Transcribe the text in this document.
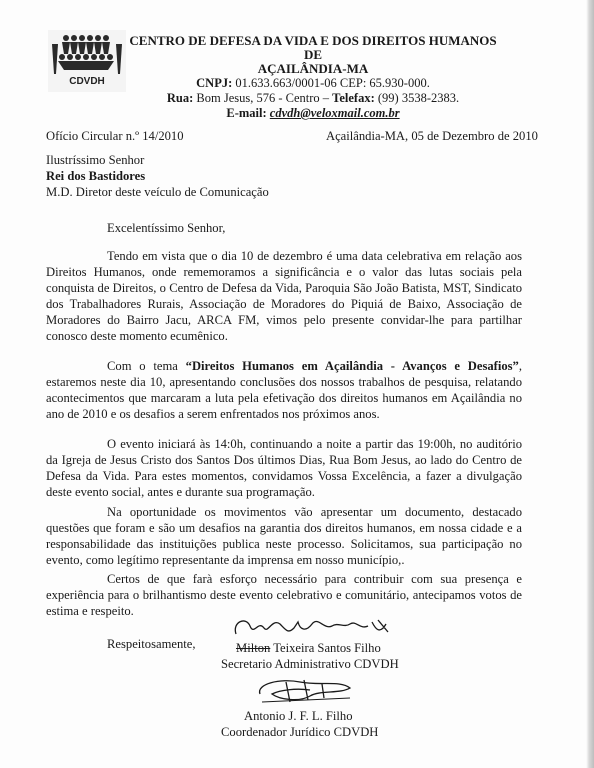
CDVDH
CENTRO DE DEFESA DA VIDA E DOS DIREITOS HUMANOS DE
AÇAILÂNDIA-MA
CNPJ: 01.633.663/0001-06 CEP: 65.930-000.
Rua: Bom Jesus, 576 - Centro – Telefax: (99) 3538-2383.
E-mail: cdvdh@veloxmail.com.br
Ofício Circular n.º 14/2010	Açailândia-MA, 05 de Dezembro de 2010
Ilustríssimo Senhor
Rei dos Bastidores
M.D. Diretor deste veículo de Comunicação
Excelentíssimo Senhor,
Tendo em vista que o dia 10 de dezembro é uma data celebrativa em relação aos Direitos Humanos, onde rememoramos a significância e o valor das lutas sociais pela conquista de Direitos, o Centro de Defesa da Vida, Paroquia São João Batista, MST, Sindicato dos Trabalhadores Rurais, Associação de Moradores do Piquiá de Baixo, Associação de Moradores do Bairro Jacu, ARCA FM, vimos pelo presente convidar-lhe para partilhar conosco deste momento ecumênico.
Com o tema “Direitos Humanos em Açailândia - Avanços e Desafios”, estaremos neste dia 10, apresentando conclusões dos nossos trabalhos de pesquisa, relatando acontecimentos que marcaram a luta pela efetivação dos direitos humanos em Açailândia no ano de 2010 e os desafios a serem enfrentados nos próximos anos.
O evento iniciará às 14:0h, continuando a noite a partir das 19:00h, no auditório da Igreja de Jesus Cristo dos Santos Dos últimos Dias, Rua Bom Jesus, ao lado do Centro de Defesa da Vida. Para estes momentos, convidamos Vossa Excelência, a fazer a divulgação deste evento social, antes e durante sua programação.
Na oportunidade os movimentos vão apresentar um documento, destacado questões que foram e são um desafios na garantia dos direitos humanos, em nossa cidade e a responsabilidade das instituições publica neste processo. Solicitamos, sua participação no evento, como legítimo representante da imprensa em nosso município,.
Certos de que farà esforço necessário para contribuir com sua presença e experiência para o brilhantismo deste evento celebrativo e comunitário, antecipamos votos de estima e respeito.
Respeitosamente,	Milton Teixeira Santos Filho
Secretario Administrativo CDVDH
Antonio J. F. L. Filho
Coordenador Jurídico CDVDH
